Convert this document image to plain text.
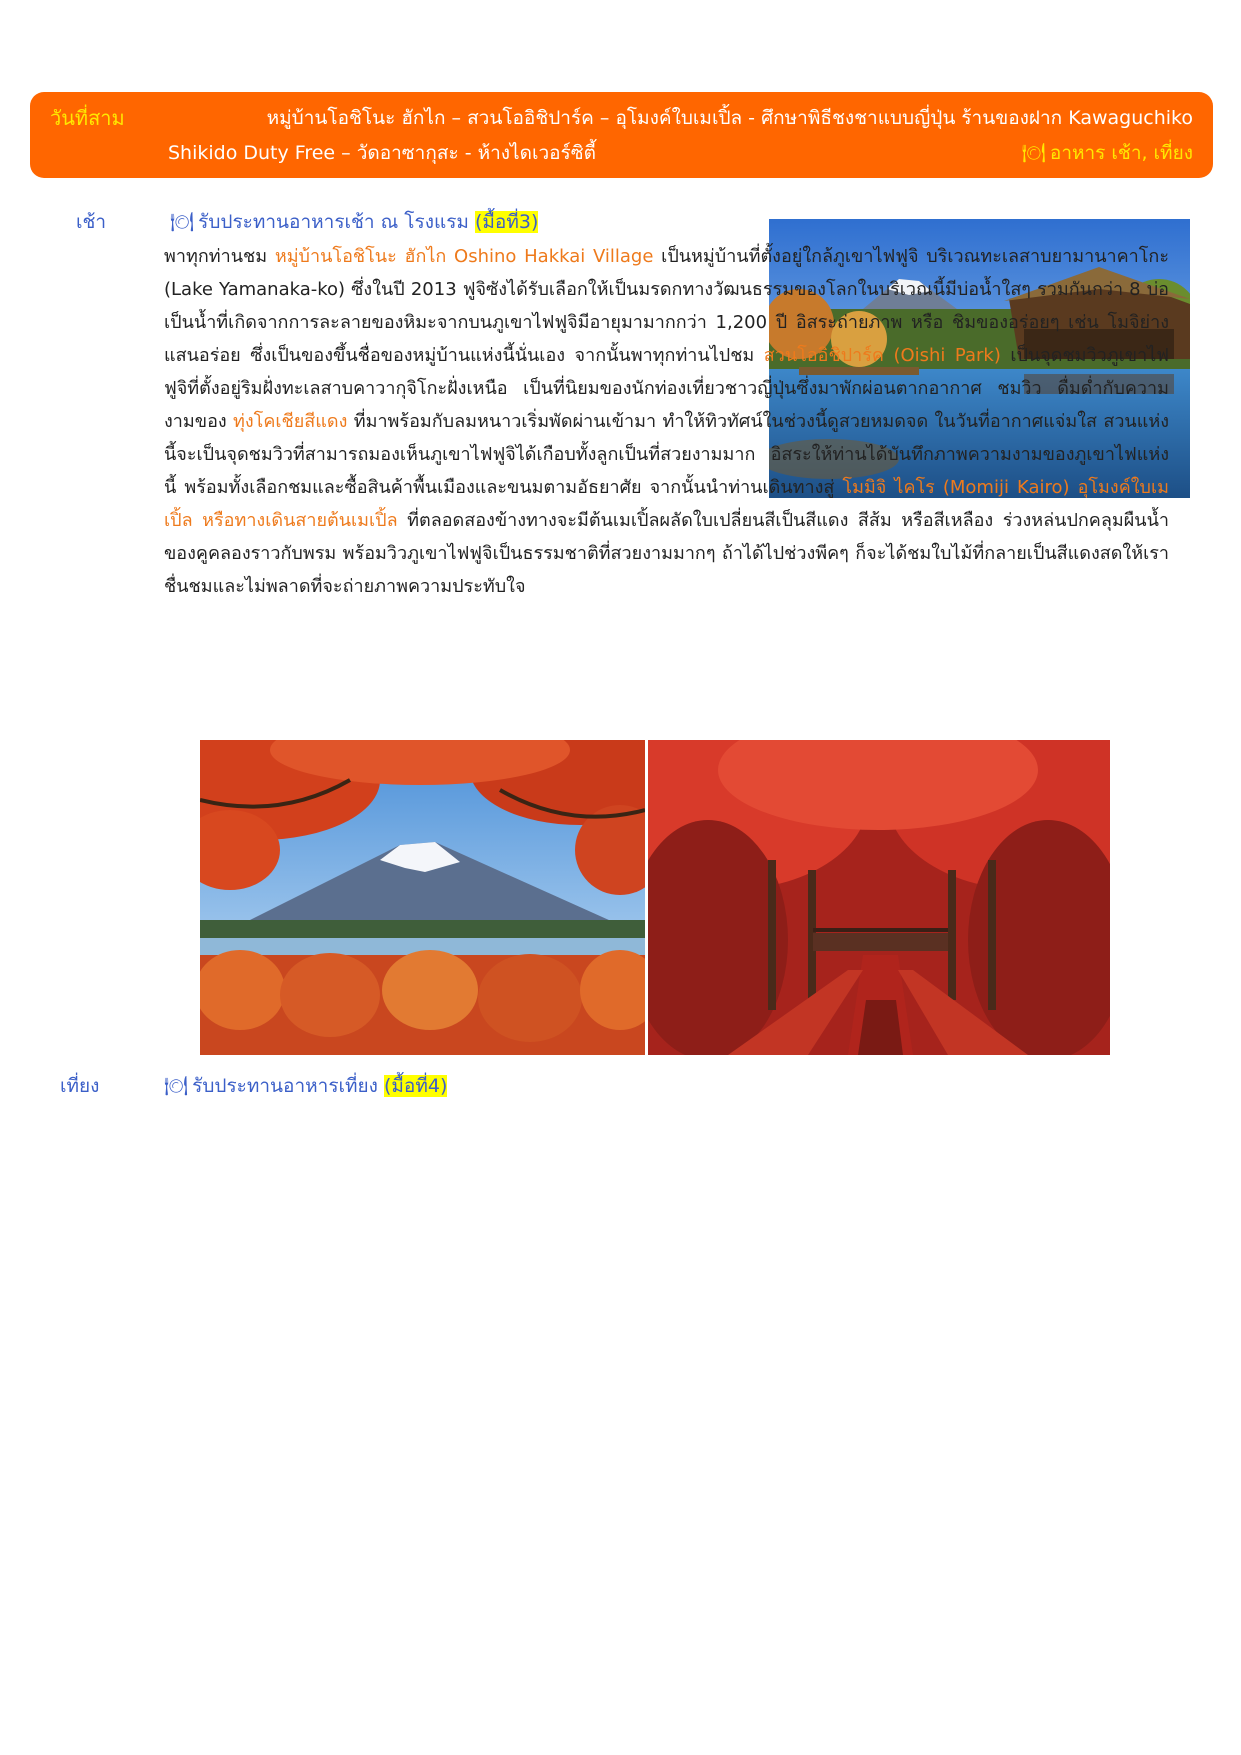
วันที่สาม	หมู่บ้านโอชิโนะ ฮักไก – สวนโออิชิปาร์ค – อุโมงค์ใบเมเปิ้ล - ศึกษาพิธีชงชาแบบญี่ปุ่น ร้านของฝาก Kawaguchiko
Shikido Duty Free – วัดอาซากุสะ - ห้างไดเวอร์ซิตี้	🍽 อาหาร เช้า, เที่ยง
เช้า	🍽 รับประทานอาหารเช้า ณ โรงแรม (มื้อที่3)
พาทุกท่านชม หมู่บ้านโอชิโนะ ฮักไก Oshino Hakkai Village เป็นหมู่บ้านที่ตั้งอยู่ใกล้ภูเขาไฟฟูจิ บริเวณทะเลสาบยามานาคาโกะ (Lake Yamanaka-ko) ซึ่งในปี 2013 ฟูจิซังได้รับเลือกให้เป็นมรดกทางวัฒนธรรมของโลกในบริเวณนี้มีบ่อน้ำใสๆ รวมกันกว่า 8 บ่อ เป็นน้ำที่เกิดจากการละลายของหิมะจากบนภูเขาไฟฟูจิมีอายุมามากกว่า 1,200 ปี อิสระถ่ายภาพ หรือ ชิมของอร่อยๆ เช่น โมจิย่าง แสนอร่อย ซึ่งเป็นของขึ้นชื่อของหมู่บ้านแห่งนี้นั่นเอง จากนั้นพาทุกท่านไปชม สวนโออิชิปาร์ค (Oishi Park) เป็นจุดชมวิวภูเขาไฟฟูจิที่ตั้งอยู่ริมฝั่งทะเลสาบคาวากุจิโกะฝั่งเหนือ เป็นที่นิยมของนักท่องเที่ยวชาวญี่ปุ่นซึ่งมาพักผ่อนตากอากาศ ชมวิว ดื่มด่ำกับความงามของ ทุ่งโคเชียสีแดง ที่มาพร้อมกับลมหนาวเริ่มพัดผ่านเข้ามา ทำให้ทิวทัศน์ในช่วงนี้ดูสวยหมดจด ในวันที่อากาศแจ่มใส สวนแห่งนี้จะเป็นจุดชมวิวที่สามารถมองเห็นภูเขาไฟฟูจิได้เกือบทั้งลูกเป็นที่สวยงามมาก อิสระให้ท่านได้บันทึกภาพความงามของภูเขาไฟแห่งนี้ พร้อมทั้งเลือกชมและซื้อสินค้าพื้นเมืองและขนมตามอัธยาศัย จากนั้นนำท่านเดินทางสู่ โมมิจิ ไคโร (Momiji Kairo) อุโมงค์ใบเมเปิ้ล หรือทางเดินสายต้นเมเปิ้ล ที่ตลอดสองข้างทางจะมีต้นเมเปิ้ลผลัดใบเปลี่ยนสีเป็นสีแดง สีส้ม หรือสีเหลือง ร่วงหล่นปกคลุมผืนน้ำของคูคลองราวกับพรม พร้อมวิวภูเขาไฟฟูจิเป็นธรรมชาติที่สวยงามมากๆ ถ้าได้ไปช่วงพีคๆ ก็จะได้ชมใบไม้ที่กลายเป็นสีแดงสดให้เราชื่นชมและไม่พลาดที่จะถ่ายภาพความประทับใจ
เที่ยง	🍽 รับประทานอาหารเที่ยง (มื้อที่4)
